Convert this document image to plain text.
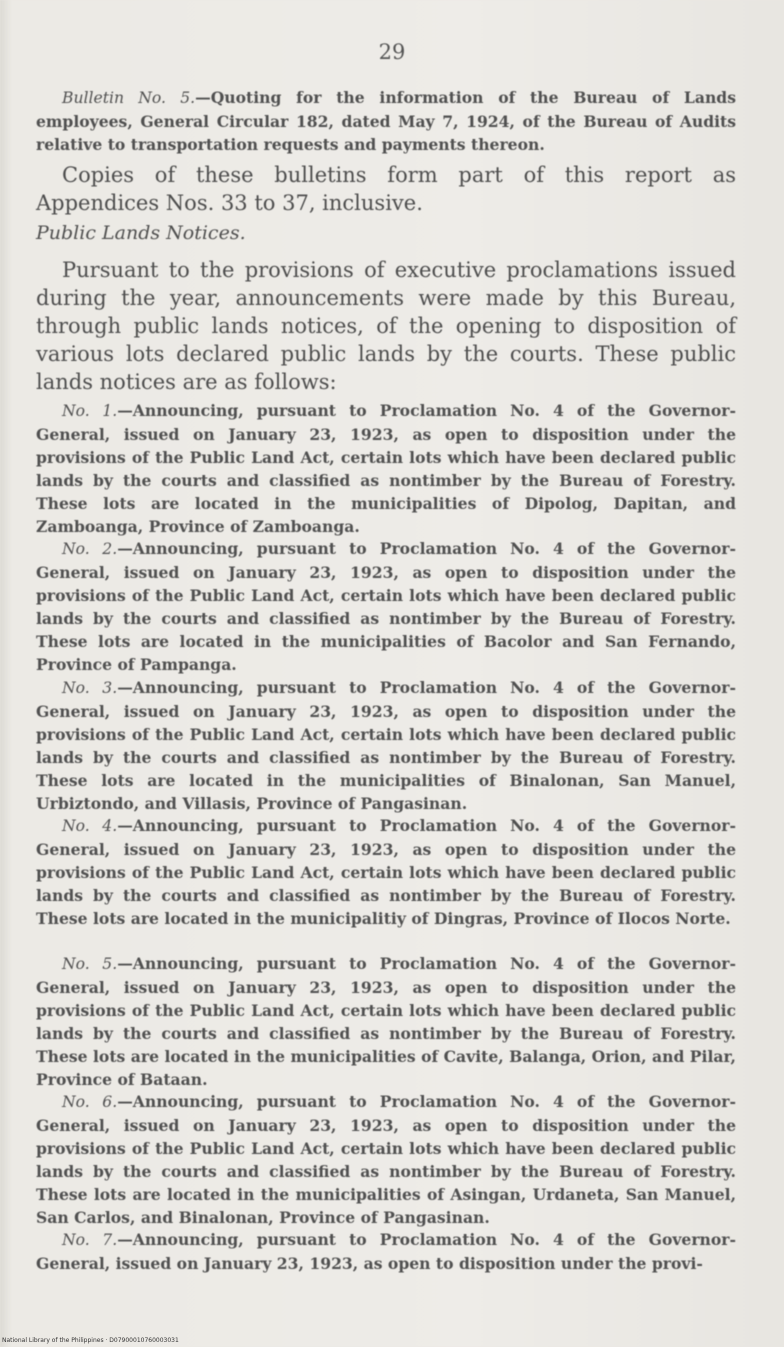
29

Bulletin No. 5.—Quoting for the information of the Bureau of Lands employees, General Circular 182, dated May 7, 1924, of the Bureau of Audits relative to transportation requests and payments thereon.

Copies of these bulletins form part of this report as Appendices Nos. 33 to 37, inclusive.

Public Lands Notices.

Pursuant to the provisions of executive proclamations issued during the year, announcements were made by this Bureau, through public lands notices, of the opening to disposition of various lots declared public lands by the courts. These public lands notices are as follows:

No. 1.—Announcing, pursuant to Proclamation No. 4 of the Governor-General, issued on January 23, 1923, as open to disposition under the provisions of the Public Land Act, certain lots which have been declared public lands by the courts and classified as nontimber by the Bureau of Forestry. These lots are located in the municipalities of Dipolog, Dapitan, and Zamboanga, Province of Zamboanga.

No. 2.—Announcing, pursuant to Proclamation No. 4 of the Governor-General, issued on January 23, 1923, as open to disposition under the provisions of the Public Land Act, certain lots which have been declared public lands by the courts and classified as nontimber by the Bureau of Forestry. These lots are located in the municipalities of Bacolor and San Fernando, Province of Pampanga.

No. 3.—Announcing, pursuant to Proclamation No. 4 of the Governor-General, issued on January 23, 1923, as open to disposition under the provisions of the Public Land Act, certain lots which have been declared public lands by the courts and classified as nontimber by the Bureau of Forestry. These lots are located in the municipalities of Binalonan, San Manuel, Urbiztondo, and Villasis, Province of Pangasinan.

No. 4.—Announcing, pursuant to Proclamation No. 4 of the Governor-General, issued on January 23, 1923, as open to disposition under the provisions of the Public Land Act, certain lots which have been declared public lands by the courts and classified as nontimber by the Bureau of Forestry. These lots are located in the municipalitiy of Dingras, Province of Ilocos Norte.

No. 5.—Announcing, pursuant to Proclamation No. 4 of the Governor-General, issued on January 23, 1923, as open to disposition under the provisions of the Public Land Act, certain lots which have been declared public lands by the courts and classified as nontimber by the Bureau of Forestry. These lots are located in the municipalities of Cavite, Balanga, Orion, and Pilar, Province of Bataan.

No. 6.—Announcing, pursuant to Proclamation No. 4 of the Governor-General, issued on January 23, 1923, as open to disposition under the provisions of the Public Land Act, certain lots which have been declared public lands by the courts and classified as nontimber by the Bureau of Forestry. These lots are located in the municipalities of Asingan, Urdaneta, San Manuel, San Carlos, and Binalonan, Province of Pangasinan.

No. 7.—Announcing, pursuant to Proclamation No. 4 of the Governor-General, issued on January 23, 1923, as open to disposition under the provi-

National Library of the Philippines · D07900010760003031
